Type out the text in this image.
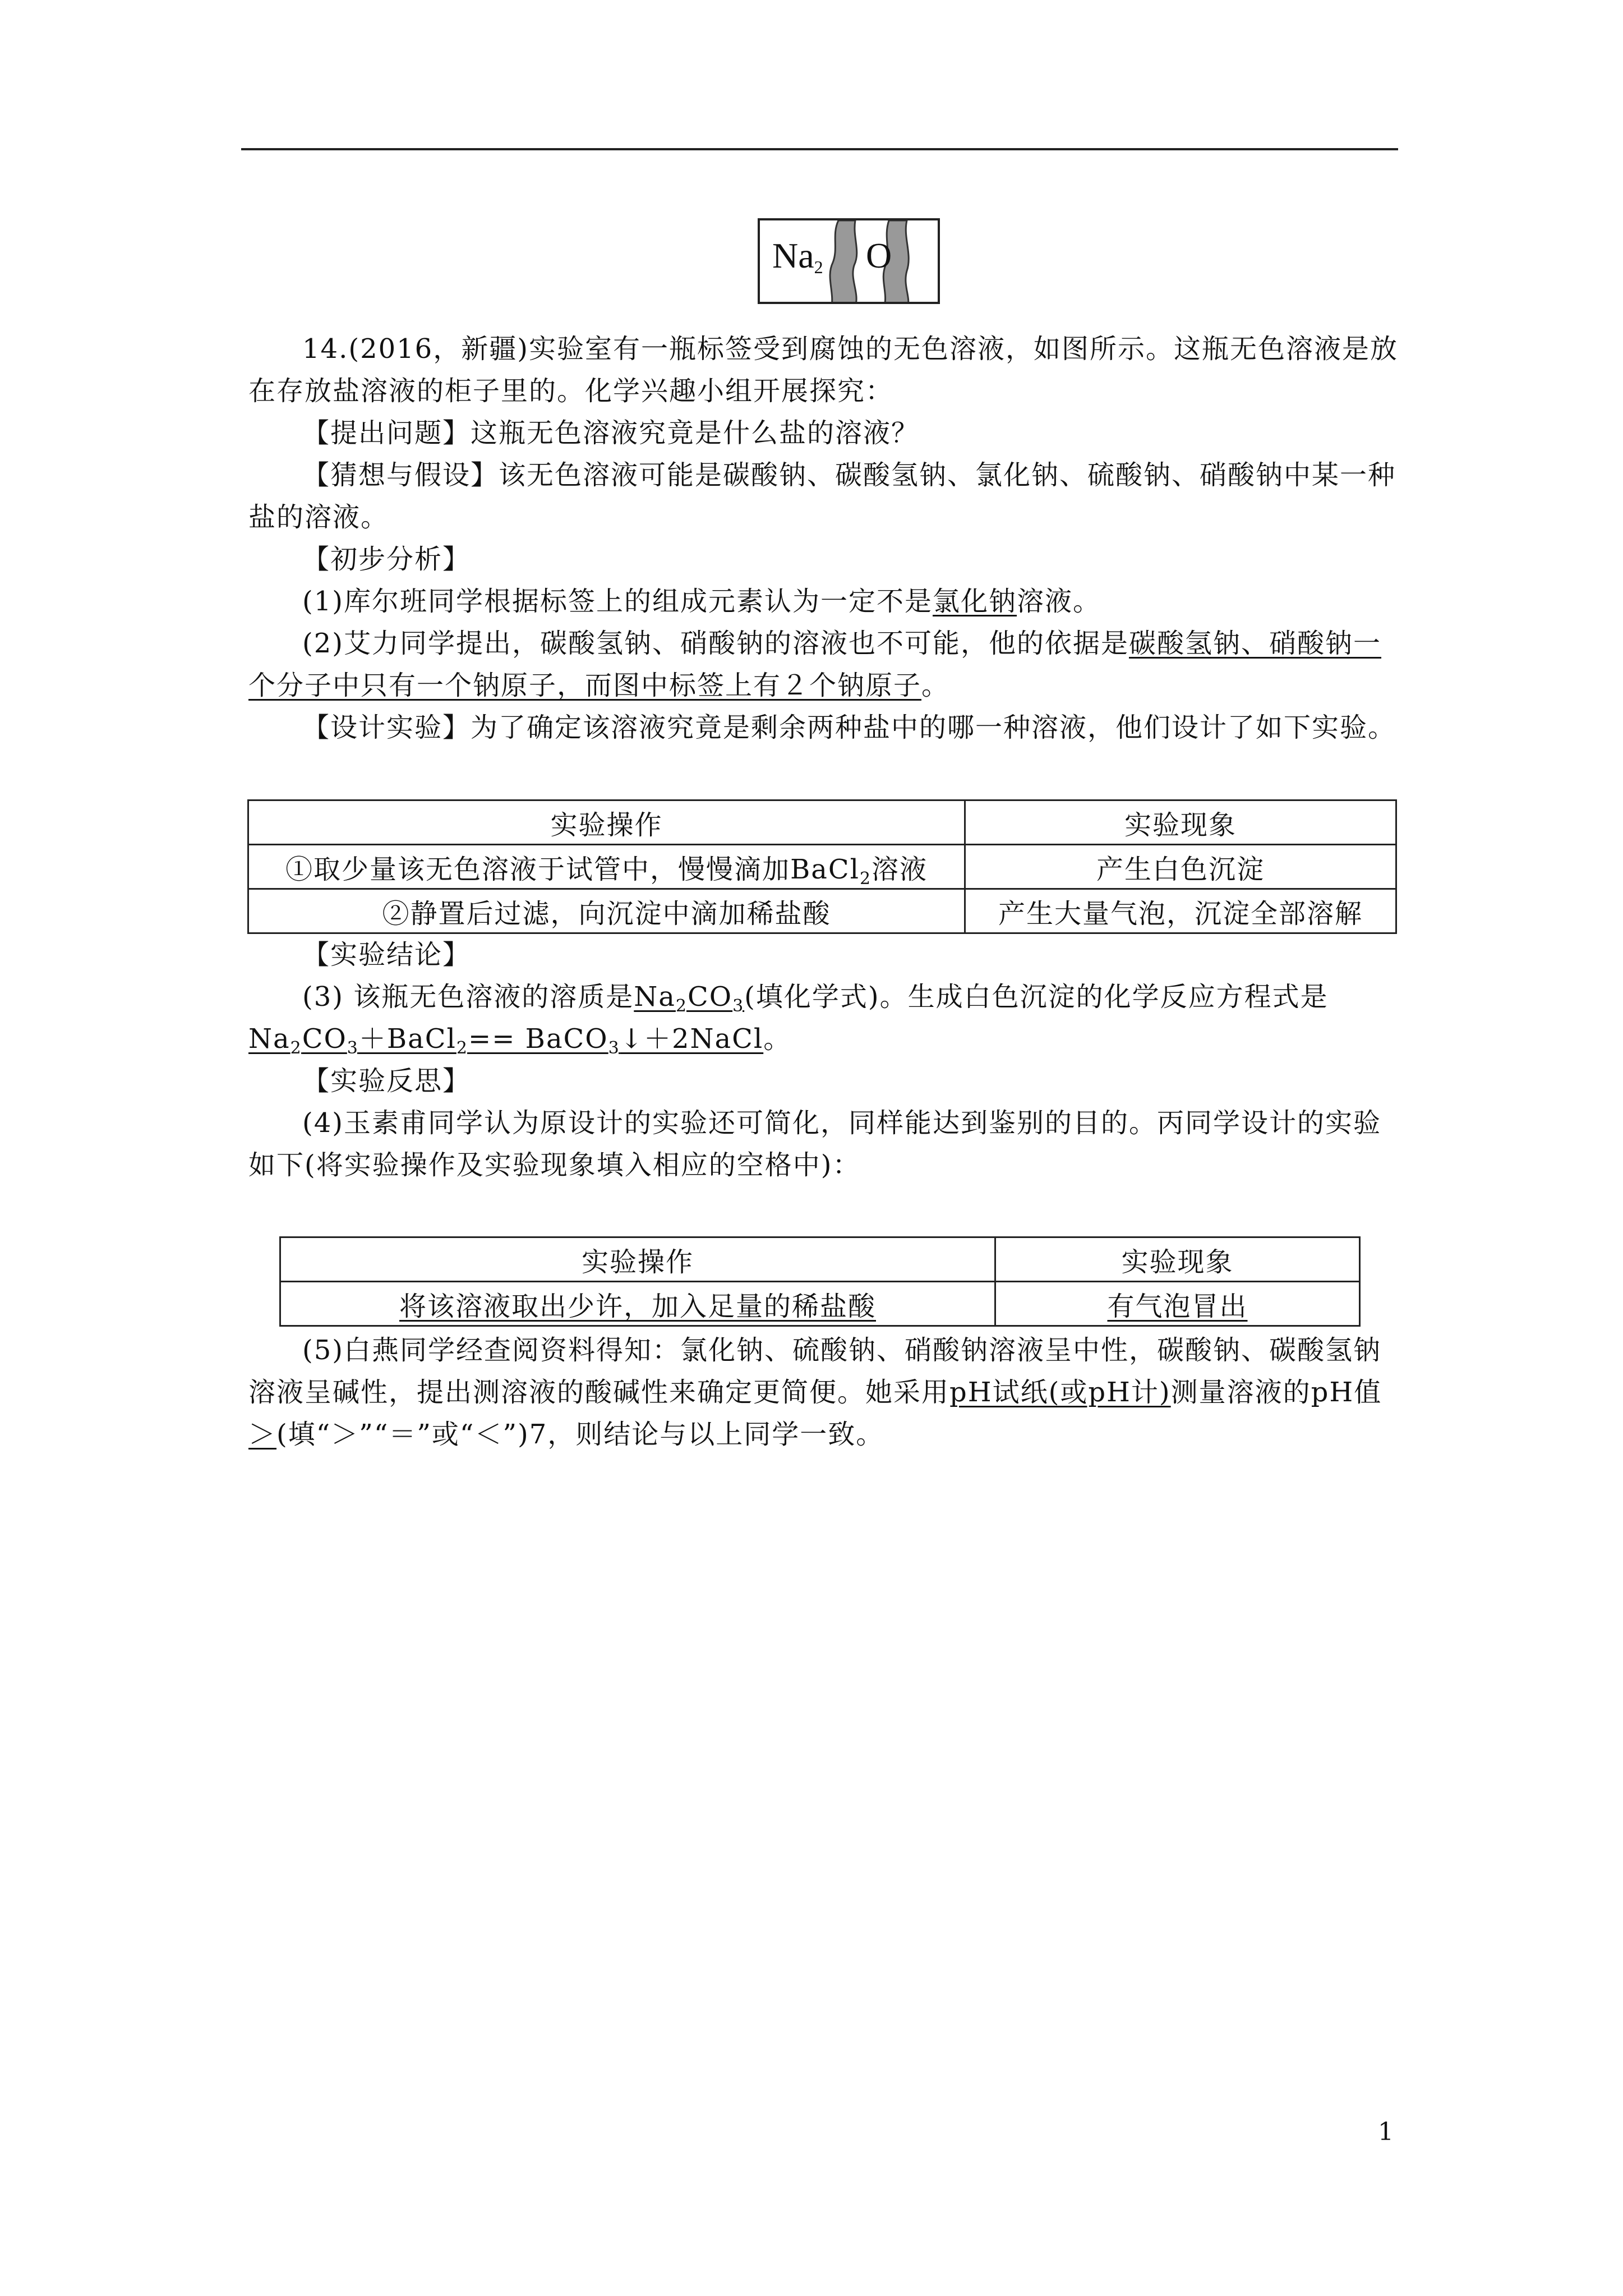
$Na_2$ O
14.(2016，新疆)实验室有一瓶标签受到腐蚀的无色溶液，如图所示。这瓶无色溶液是放在存放盐溶液的柜子里的。化学兴趣小组开展探究：
【提出问题】这瓶无色溶液究竟是什么盐的溶液？
【猜想与假设】该无色溶液可能是碳酸钠、碳酸氢钠、氯化钠、硫酸钠、硝酸钠中某一种盐的溶液。
【初步分析】
(1)库尔班同学根据标签上的组成元素认为一定不是氯化钠溶液。
(2)艾力同学提出，碳酸氢钠、硝酸钠的溶液也不可能，他的依据是碳酸氢钠、硝酸钠一个分子中只有一个钠原子，而图中标签上有２个钠原子。
【设计实验】为了确定该溶液究竟是剩余两种盐中的哪一种溶液，他们设计了如下实验。
实验操作	实验现象
①取少量该无色溶液于试管中，慢慢滴加BaCl$_2$溶液	产生白色沉淀
②静置后过滤，向沉淀中滴加稀盐酸	产生大量气泡，沉淀全部溶解
【实验结论】
(3) 该瓶无色溶液的溶质是$Na_2CO_3$(填化学式)。生成白色沉淀的化学反应方程式是$Na_2CO_3+BaCl_2==$ BaCO$_3$↓＋2NaCl。
【实验反思】
(4)玉素甫同学认为原设计的实验还可简化，同样能达到鉴别的目的。丙同学设计的实验如下(将实验操作及实验现象填入相应的空格中)：
实验操作	实验现象
将该溶液取出少许，加入足量的稀盐酸	有气泡冒出
(5)白燕同学经查阅资料得知：氯化钠、硫酸钠、硝酸钠溶液呈中性，碳酸钠、碳酸氢钠溶液呈碱性，提出测溶液的酸碱性来确定更简便。她采用pH试纸(或pH计)测量溶液的pH值＞(填“＞”“＝”或“＜”)7，则结论与以上同学一致。
1
